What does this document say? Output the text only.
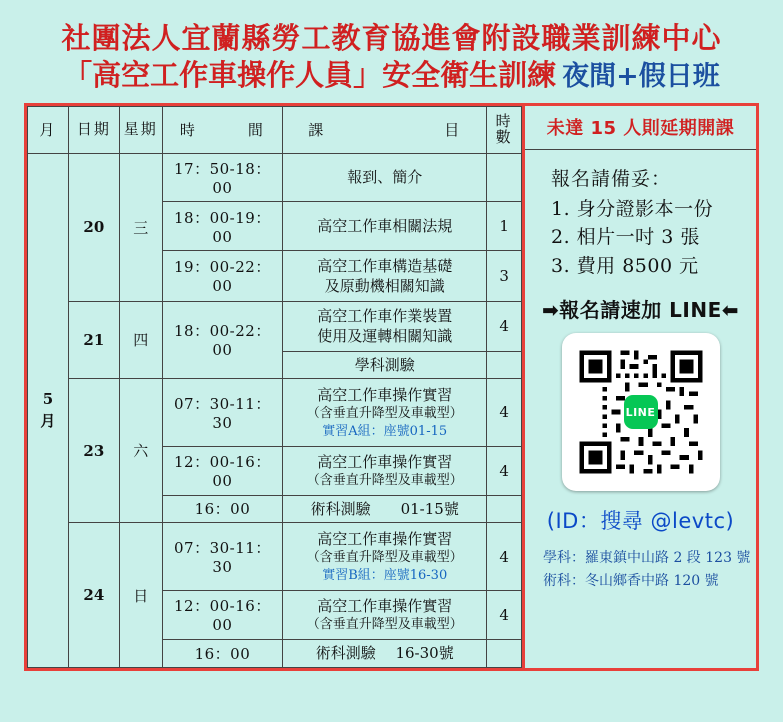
社團法人宜蘭縣勞工教育協進會附設職業訓練中心
「高空工作車操作人員」安全衛生訓練 夜間+假日班
月	日期	星期	時　　　間	課　　　　　　　目	時數

5
月	20	三	17：50-18：00	報到、簡介	
			18：00-19：00	高空工作車相關法規	1
			19：00-22：00	高空工作車構造基礎
及原動機相關知識	3
	21	四	18：00-22：00	高空工作車作業裝置
使用及運轉相關知識	4
				學科測驗	
	23	六	07：30-11：30	高空工作車操作實習
（含垂直升降型及車載型）
實習A組：座號01-15	4
			12：00-16：00	高空工作車操作實習
（含垂直升降型及車載型）	4
			16：00	術科測驗　　01-15號	
	24	日	07：30-11：30	高空工作車操作實習
（含垂直升降型及車載型）
實習B組：座號16-30	4
			12：00-16：00	高空工作車操作實習
（含垂直升降型及車載型）	4
			16：00	術科測驗　 16-30號	
未達 15 人則延期開課
報名請備妥：
1. 身分證影本一份
2. 相片一吋 3 張
3. 費用 8500 元
➡報名請速加 LINE⬅
LINE
(ID：搜尋 @levtc)
學科：羅東鎮中山路 2 段 123 號
術科：冬山鄉香中路 120 號
